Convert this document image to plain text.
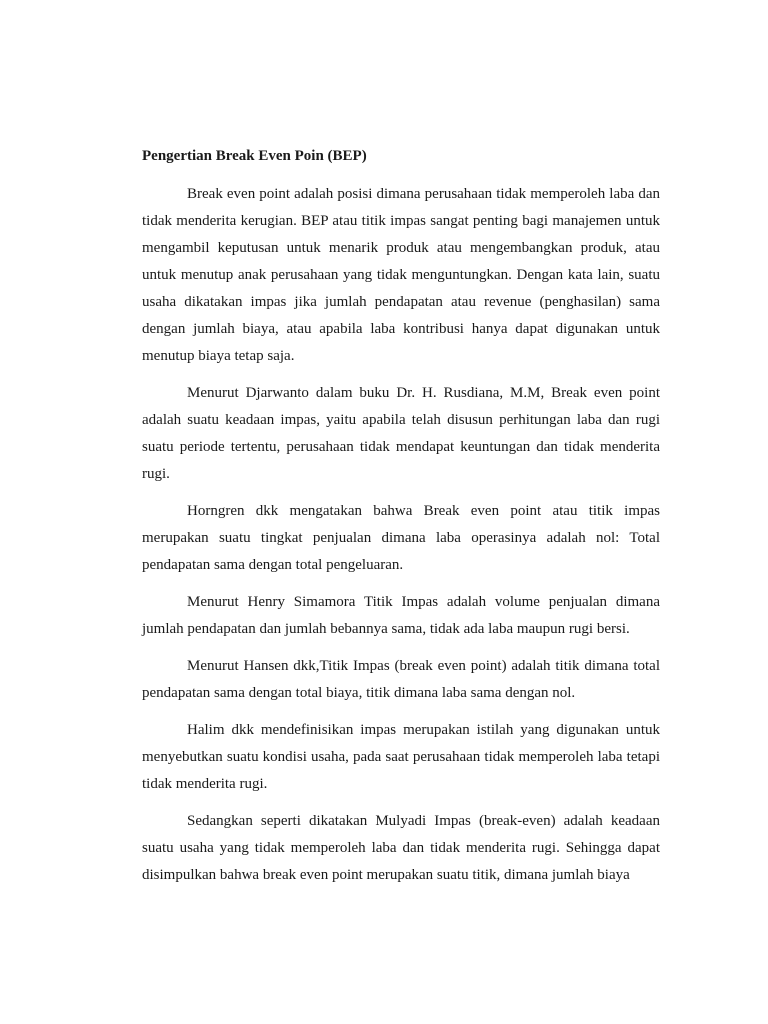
Pengertian Break Even Poin (BEP)

Break even point adalah posisi dimana perusahaan tidak memperoleh laba dan tidak menderita kerugian. BEP atau titik impas sangat penting bagi manajemen untuk mengambil keputusan untuk menarik produk atau mengembangkan produk, atau untuk menutup anak perusahaan yang tidak menguntungkan. Dengan kata lain, suatu usaha dikatakan impas jika jumlah pendapatan atau revenue (penghasilan) sama dengan jumlah biaya, atau apabila laba kontribusi hanya dapat digunakan untuk menutup biaya tetap saja.

Menurut Djarwanto dalam buku Dr. H. Rusdiana, M.M, Break even point adalah suatu keadaan impas, yaitu apabila telah disusun perhitungan laba dan rugi suatu periode tertentu, perusahaan tidak mendapat keuntungan dan tidak menderita rugi.

Horngren dkk mengatakan bahwa Break even point atau titik impas merupakan suatu tingkat penjualan dimana laba operasinya adalah nol: Total pendapatan sama dengan total pengeluaran.

Menurut Henry Simamora Titik Impas adalah volume penjualan dimana jumlah pendapatan dan jumlah bebannya sama, tidak ada laba maupun rugi bersi.

Menurut Hansen dkk,Titik Impas (break even point) adalah titik dimana total pendapatan sama dengan total biaya, titik dimana laba sama dengan nol.

Halim dkk mendefinisikan impas merupakan istilah yang digunakan untuk menyebutkan suatu kondisi usaha, pada saat perusahaan tidak memperoleh laba tetapi tidak menderita rugi.

Sedangkan seperti dikatakan Mulyadi Impas (break-even) adalah keadaan suatu usaha yang tidak memperoleh laba dan tidak menderita rugi. Sehingga dapat disimpulkan bahwa break even point merupakan suatu titik, dimana jumlah biaya
